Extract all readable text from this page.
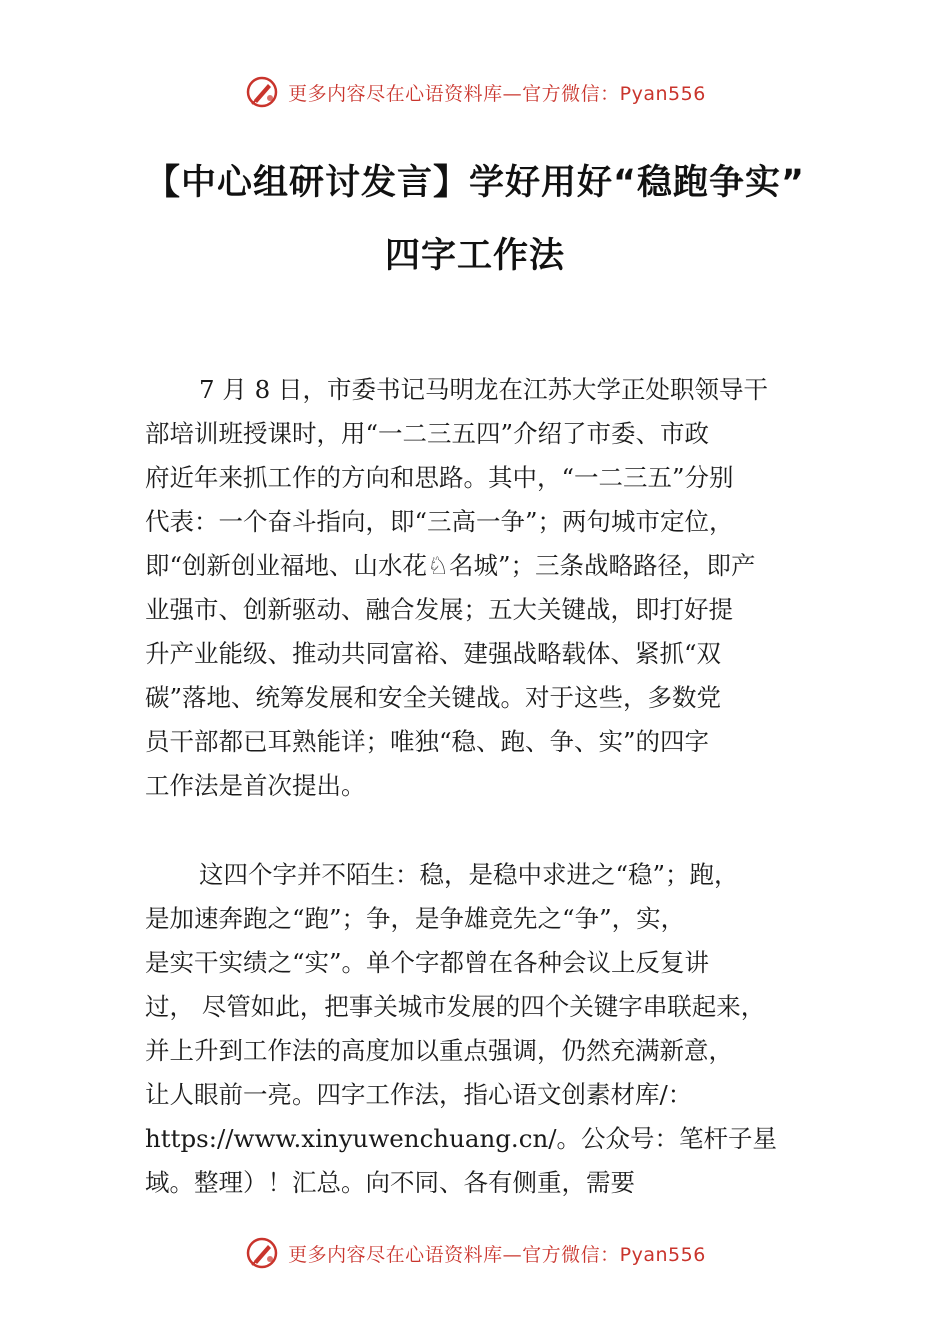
更多内容尽在心语资料库—官方微信：Pyan556
【中心组研讨发言】学好用好“稳跑争实”
四字工作法
7 月 8 日，市委书记马明龙在江苏大学正处职领导干
部培训班授课时，用“一二三五四”介绍了市委、市政
府近年来抓工作的方向和思路。其中，“一二三五”分别
代表：一个奋斗指向，即“三高一争”；两句城市定位，
即“创新创业福地、山水花♘名城”；三条战略路径，即产
业强市、创新驱动、融合发展；五大关键战，即打好提
升产业能级、推动共同富裕、建强战略载体、紧抓“双
碳”落地、统筹发展和安全关键战。对于这些，多数党
员干部都已耳熟能详；唯独“稳、跑、争、实”的四字
工作法是首次提出。
这四个字并不陌生：稳，是稳中求进之“稳”；跑，
是加速奔跑之“跑”；争，是争雄竞先之“争”，实，
是实干实绩之“实”。单个字都曾在各种会议上反复讲
过， 尽管如此，把事关城市发展的四个关键字串联起来，
并上升到工作法的高度加以重点强调，仍然充满新意，
让人眼前一亮。四字工作法，指心语文创素材库/：
https://www.xinyuwenchuang.cn/。公众号：笔杆子星
域。整理）！汇总。向不同、各有侧重，需要
更多内容尽在心语资料库—官方微信：Pyan556
